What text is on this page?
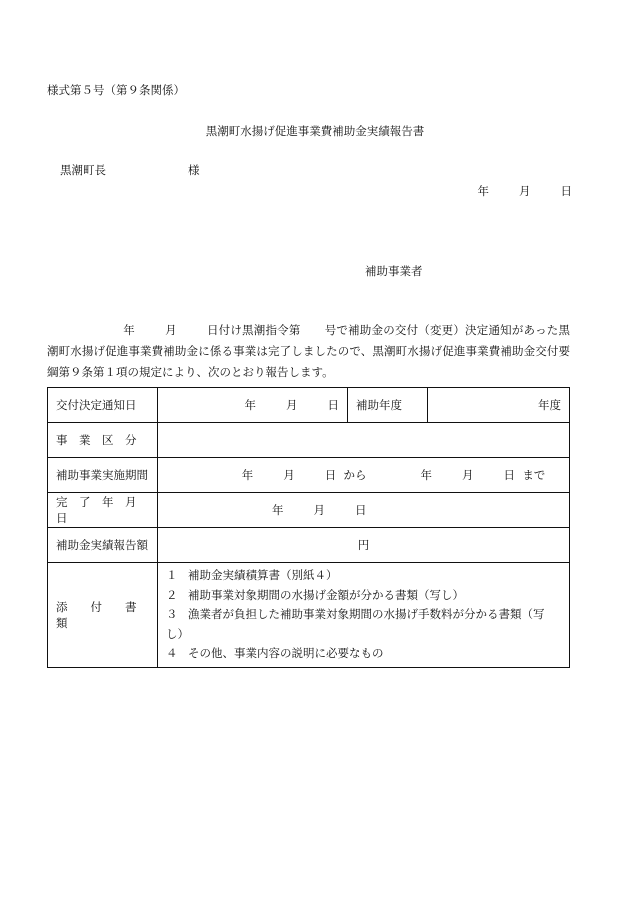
様式第５号（第９条関係）
黒潮町水揚げ促進事業費補助金実績報告書
黒潮町長	様
年	月	日
補助事業者
年	月	日付け黒潮指令第 号で補助金の交付（変更）決定通知があった黒潮町水揚げ促進事業費補助金に係る事業は完了しましたので、黒潮町水揚げ促進事業費補助金交付要綱第９条第１項の規定により、次のとおり報告します。
交付決定通知日	年 月 日	補助年度	年度
事　業　区　分			
補助事業実施期間	年 月 日 から 年 月 日 まで		
完　了　年　月　日	年 月 日		
補助金実績報告額	円		
添　　付　　書　　類	１ 補助金実績積算書（別紙４）
２ 補助事業対象期間の水揚げ金額が分かる書類（写し）
３ 漁業者が負担した補助事業対象期間の水揚げ手数料が分かる書類（写し）
４ その他、事業内容の説明に必要なもの		
